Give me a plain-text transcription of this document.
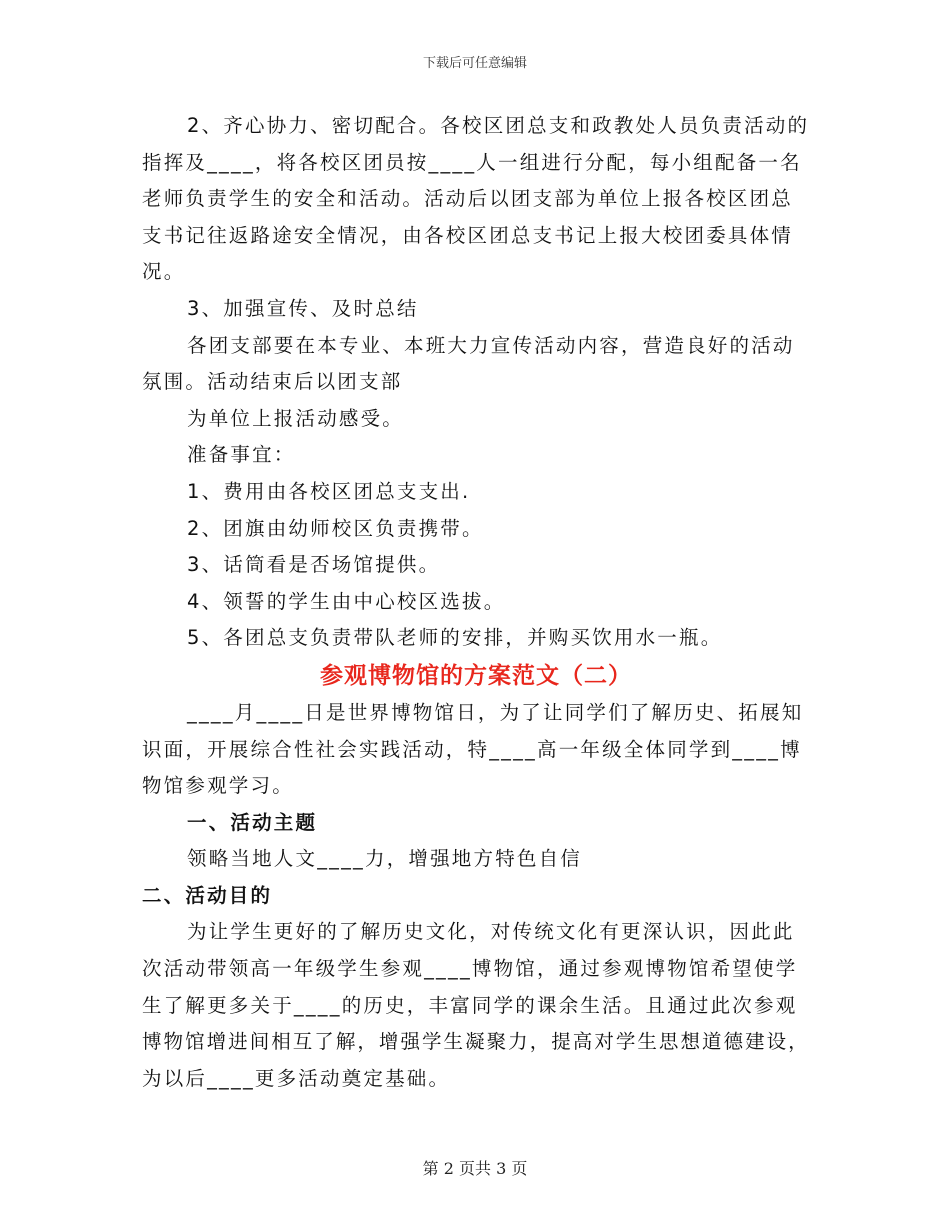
下载后可任意编辑

2、齐心协力、密切配合。各校区团总支和政教处人员负责活动的

指挥及____，将各校区团员按____人一组进行分配，每小组配备一名

老师负责学生的安全和活动。活动后以团支部为单位上报各校区团总

支书记往返路途安全情况，由各校区团总支书记上报大校团委具体情

况。

3、加强宣传、及时总结

各团支部要在本专业、本班大力宣传活动内容，营造良好的活动

氛围。活动结束后以团支部

为单位上报活动感受。

准备事宜：

1、费用由各校区团总支支出.

2、团旗由幼师校区负责携带。

3、话筒看是否场馆提供。

4、领誓的学生由中心校区选拔。

5、各团总支负责带队老师的安排，并购买饮用水一瓶。

参观博物馆的方案范文（二）

____月____日是世界博物馆日，为了让同学们了解历史、拓展知

识面，开展综合性社会实践活动，特____高一年级全体同学到____博

物馆参观学习。

一、活动主题

领略当地人文____力，增强地方特色自信

二、活动目的

为让学生更好的了解历史文化，对传统文化有更深认识，因此此

次活动带领高一年级学生参观____博物馆，通过参观博物馆希望使学

生了解更多关于____的历史，丰富同学的课余生活。且通过此次参观

博物馆增进间相互了解，增强学生凝聚力，提高对学生思想道德建设，

为以后____更多活动奠定基础。

第 2 页共 3 页
